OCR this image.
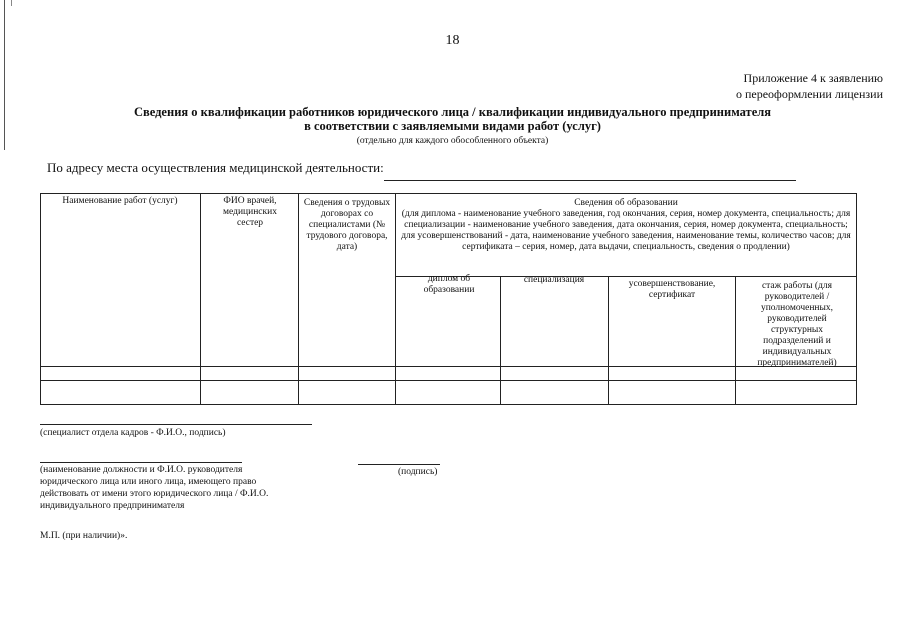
18
Приложение 4 к заявлению
о переоформлении лицензии
Сведения о квалификации работников юридического лица / квалификации индивидуального предпринимателя
в соответствии с заявляемыми видами работ (услуг)
(отдельно для каждого обособленного объекта)
По адресу места осуществления медицинской деятельности:
Наименование работ (услуг)	ФИО врачей, медицинских сестер
Сведения о трудовых договорах со специалистами (№ трудового договора, дата)
Сведения об образовании
(для диплома - наименование учебного заведения, год окончания, серия, номер документа, специальность; для специализации - наименование учебного заведения, дата окончания, серия, номер документа, специальность; для усовершенствований - дата, наименование учебного заведения, наименование темы, количество часов; для сертификата – серия, номер, дата выдачи, специальность, сведения о продлении)
диплом об образовании
специализация	усовершенствование, сертификат
стаж работы (для руководителей / уполномоченных, руководителей структурных подразделений и индивидуальных предпринимателей)
(специалист отдела кадров - Ф.И.О., подпись)
(наименование должности и Ф.И.О. руководителя юридического лица или иного лица, имеющего право действовать от имени этого юридического лица / Ф.И.О. индивидуального предпринимателя
(подпись)
М.П. (при наличии)».
